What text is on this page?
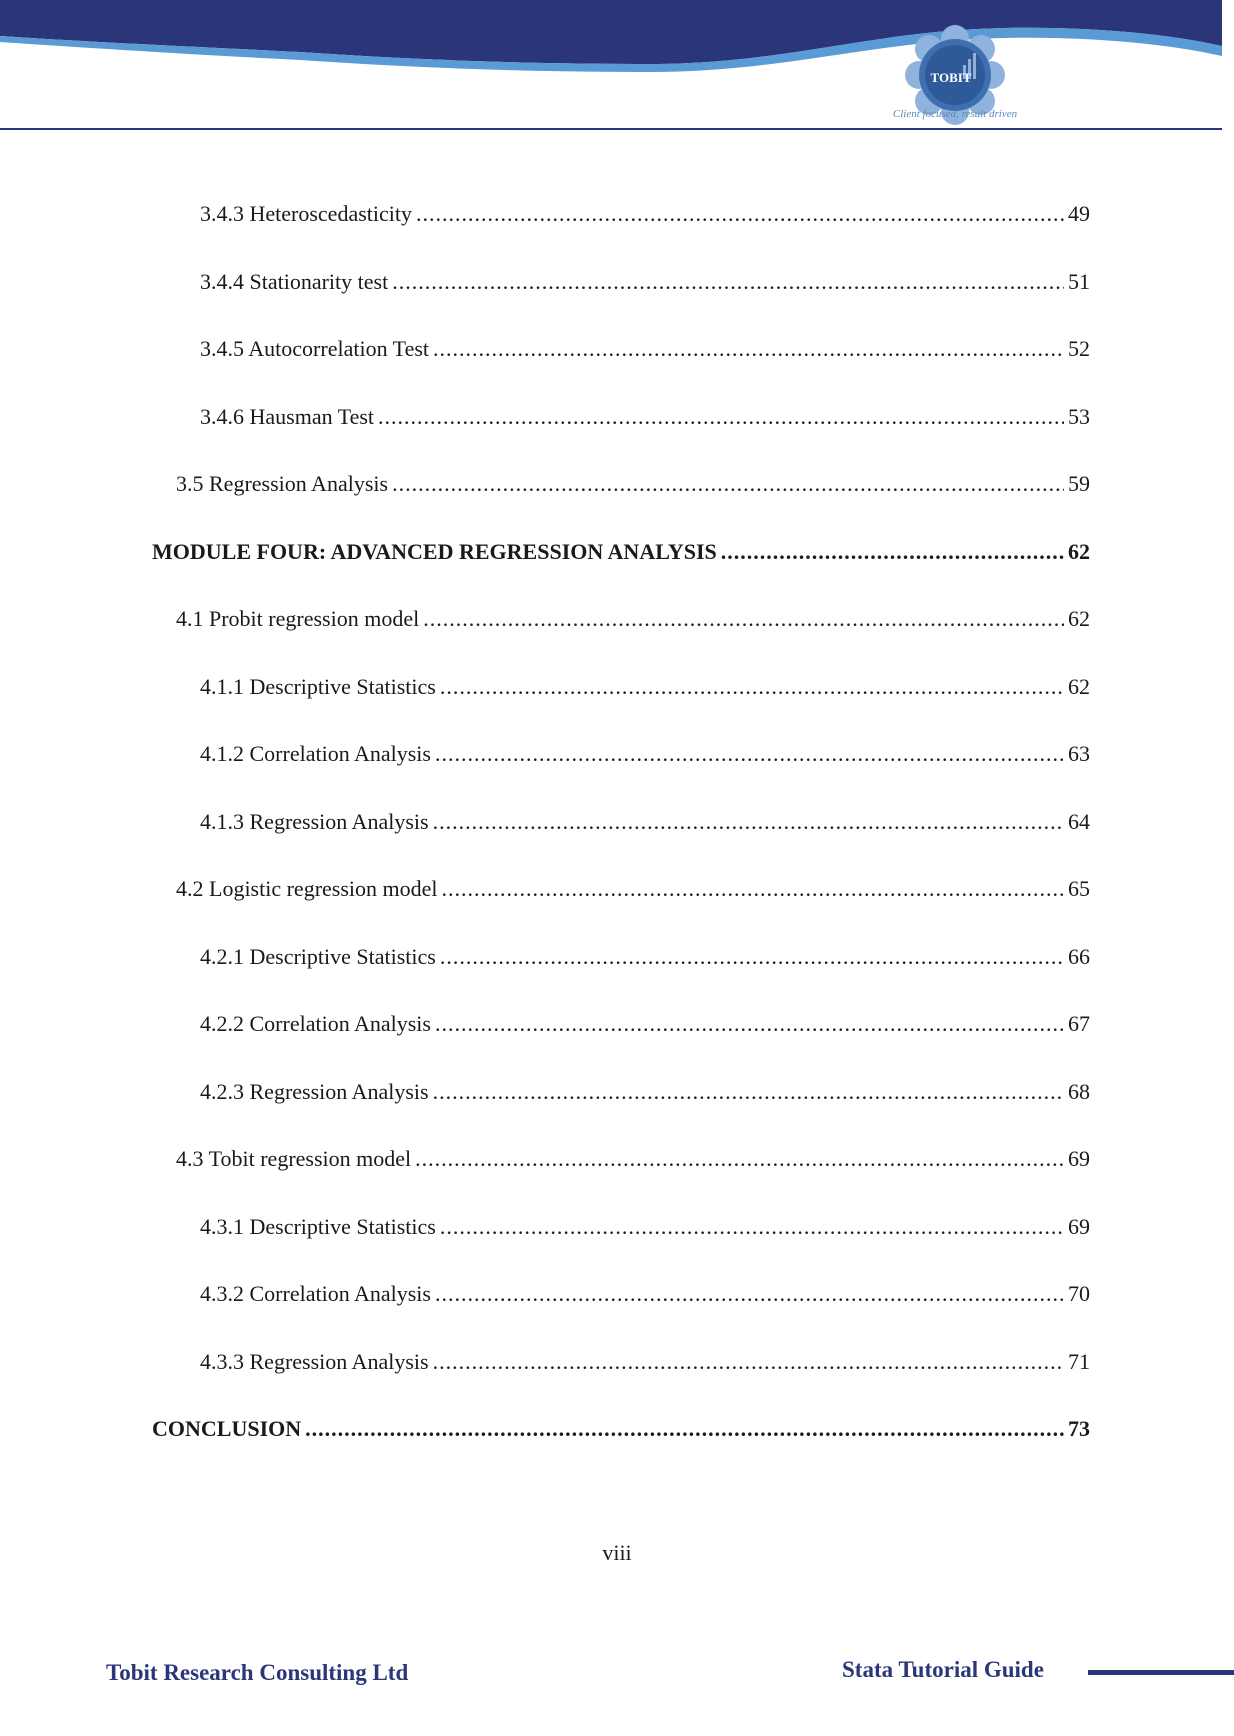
TOBIT
Client focused, result driven
3.4.3 Heteroscedasticity .....	49
3.4.4 Stationarity test .....	51
3.4.5 Autocorrelation Test .....	52
3.4.6 Hausman Test .....	53
3.5 Regression Analysis .....	59
MODULE FOUR: ADVANCED REGRESSION ANALYSIS .....	62
4.1 Probit regression model .....	62
4.1.1 Descriptive Statistics .....	62
4.1.2 Correlation Analysis .....	63
4.1.3 Regression Analysis .....	64
4.2 Logistic regression model .....	65
4.2.1 Descriptive Statistics .....	66
4.2.2 Correlation Analysis .....	67
4.2.3 Regression Analysis .....	68
4.3 Tobit regression model .....	69
4.3.1 Descriptive Statistics .....	69
4.3.2 Correlation Analysis .....	70
4.3.3 Regression Analysis .....	71
CONCLUSION .....	73
viii
Tobit Research Consulting Ltd	Stata Tutorial Guide
